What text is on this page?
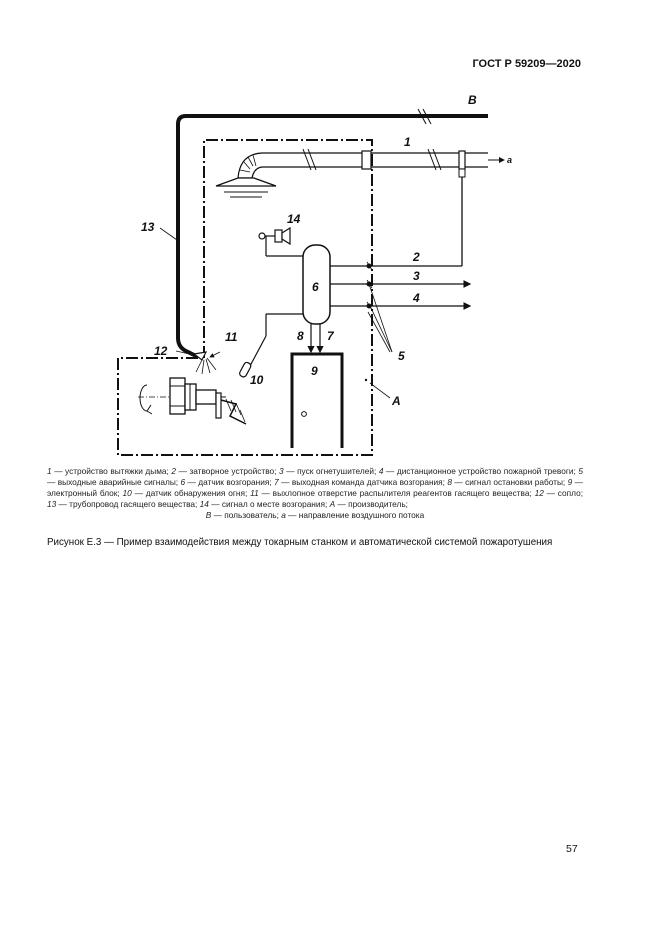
ГОСТ Р 59209—2020
B
1
а
13
14
2
3
6
4
8 7
11
12	5
9
10
A
1 — устройство вытяжки дыма; 2 — затворное устройство; 3 — пуск огнетушителей; 4 — дистанционное устройство пожарной тревоги; 5 — выходные аварийные сигналы; 6 — датчик возгорания; 7 — выходная команда датчика возгорания; 8 — сигнал остановки работы; 9 — электронный блок; 10 — датчик обнаружения огня; 11 — выхлопное отверстие распылителя реагентов гасящего вещества; 12 — сопло; 13 — трубопровод гасящего вещества; 14 — сигнал о месте возгорания; A — производитель;
B — пользователь; а — направление воздушного потока
Рисунок Е.3 — Пример взаимодействия между токарным станком и автоматической системой пожаротушения
57
